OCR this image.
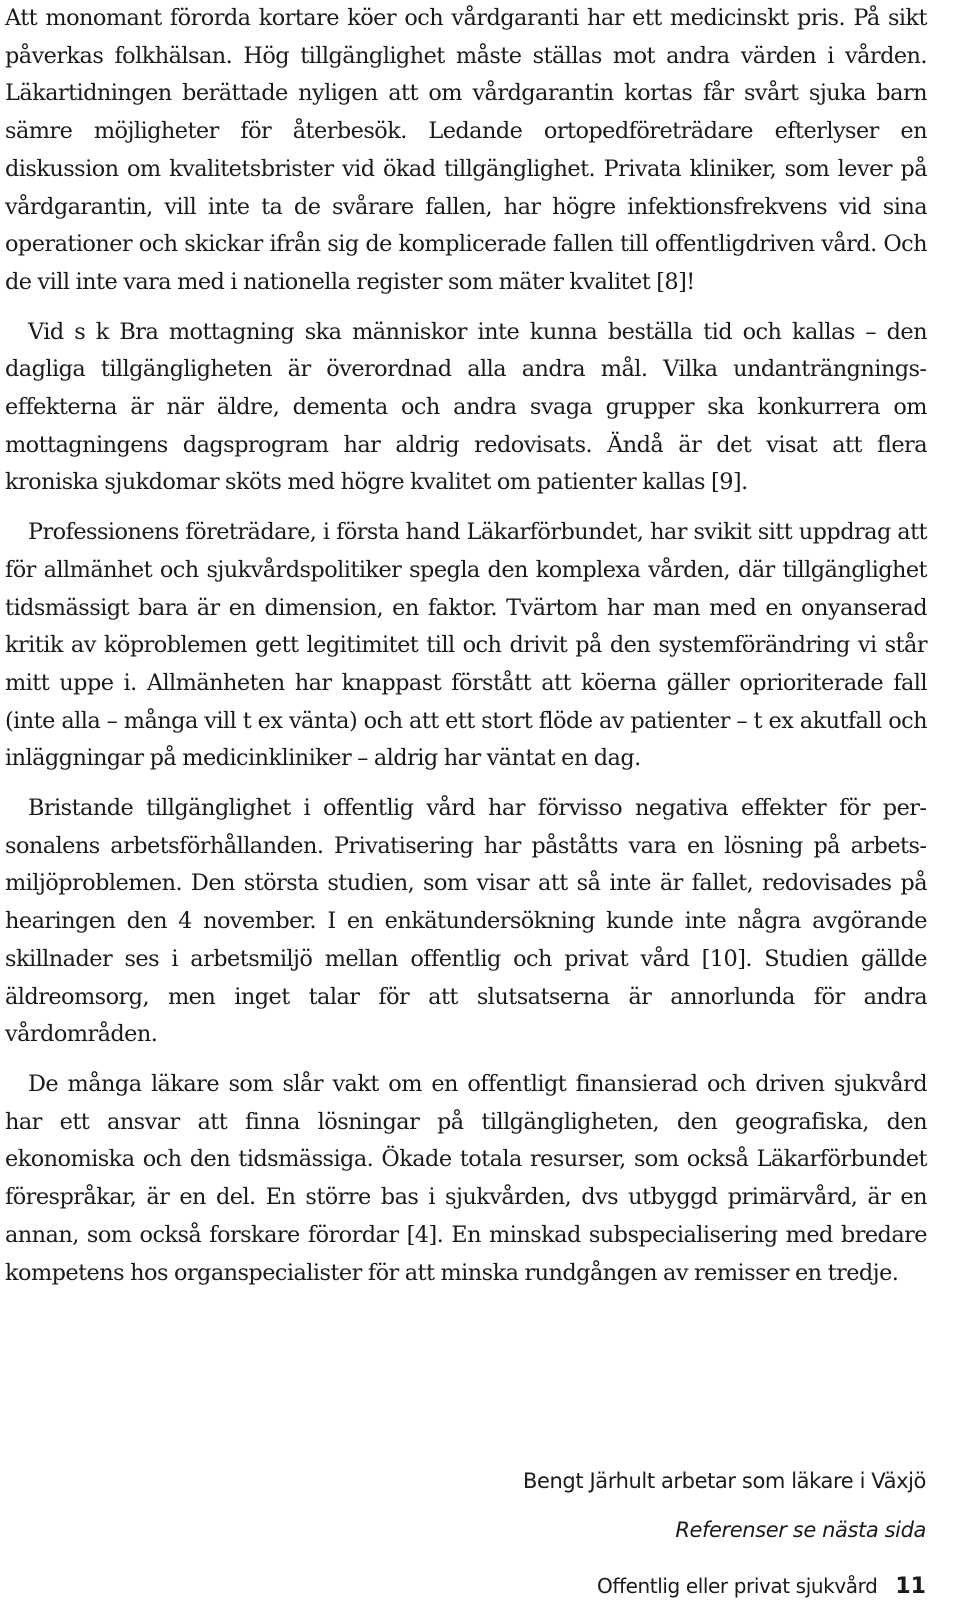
Att monomant förorda kortare köer och vårdgaranti har ett medicinskt pris. På sikt påverkas folkhälsan. Hög tillgänglighet måste ställas mot andra värden i vården. Läkartidningen berättade nyligen att om vårdgarantin kortas får svårt sjuka barn sämre möjligheter för återbesök. Ledande ortopedföreträdare efterlyser en diskussion om kvalitetsbrister vid ökad tillgänglighet. Privata kliniker, som lever på vårdgarantin, vill inte ta de svårare fallen, har högre infektionsfrekvens vid sina operationer och skickar ifrån sig de komplicerade fallen till offentligdriven vård. Och de vill inte vara med i nationella register som mäter kvalitet [8]!

Vid s k Bra mottagning ska människor inte kunna beställa tid och kallas – den dagliga tillgängligheten är överordnad alla andra mål. Vilka undanträngningseffekterna är när äldre, dementa och andra svaga grupper ska konkurrera om mottagningens dagsprogram har aldrig redovisats. Ändå är det visat att flera kroniska sjukdomar sköts med högre kvalitet om patienter kallas [9].

Professionens företrädare, i första hand Läkarförbundet, har svikit sitt uppdrag att för allmänhet och sjukvårdspolitiker spegla den komplexa vården, där tillgänglighet tidsmässigt bara är en dimension, en faktor. Tvärtom har man med en onyanserad kritik av köproblemen gett legitimitet till och drivit på den systemförändring vi står mitt uppe i. Allmänheten har knappast förstått att köerna gäller oprioriterade fall (inte alla – många vill t ex vänta) och att ett stort flöde av patienter – t ex akutfall och inläggningar på medicinkliniker – aldrig har väntat en dag.

Bristande tillgänglighet i offentlig vård har förvisso negativa effekter för personalens arbetsförhållanden. Privatisering har påståtts vara en lösning på arbetsmiljöproblemen. Den största studien, som visar att så inte är fallet, redovisades på hearingen den 4 november. I en enkätundersökning kunde inte några avgörande skillnader ses i arbetsmiljö mellan offentlig och privat vård [10]. Studien gällde äldreomsorg, men inget talar för att slutsatserna är annorlunda för andra vårdområden.

De många läkare som slår vakt om en offentligt finansierad och driven sjukvård har ett ansvar att finna lösningar på tillgängligheten, den geografiska, den ekonomiska och den tidsmässiga. Ökade totala resurser, som också Läkarförbundet förespråkar, är en del. En större bas i sjukvården, dvs utbyggd primärvård, är en annan, som också forskare förordar [4]. En minskad subspecialisering med bredare kompetens hos organspecialister för att minska rundgången av remisser en tredje.

Bengt Järhult arbetar som läkare i Växjö
Referenser se nästa sida
Offentlig eller privat sjukvård 11
